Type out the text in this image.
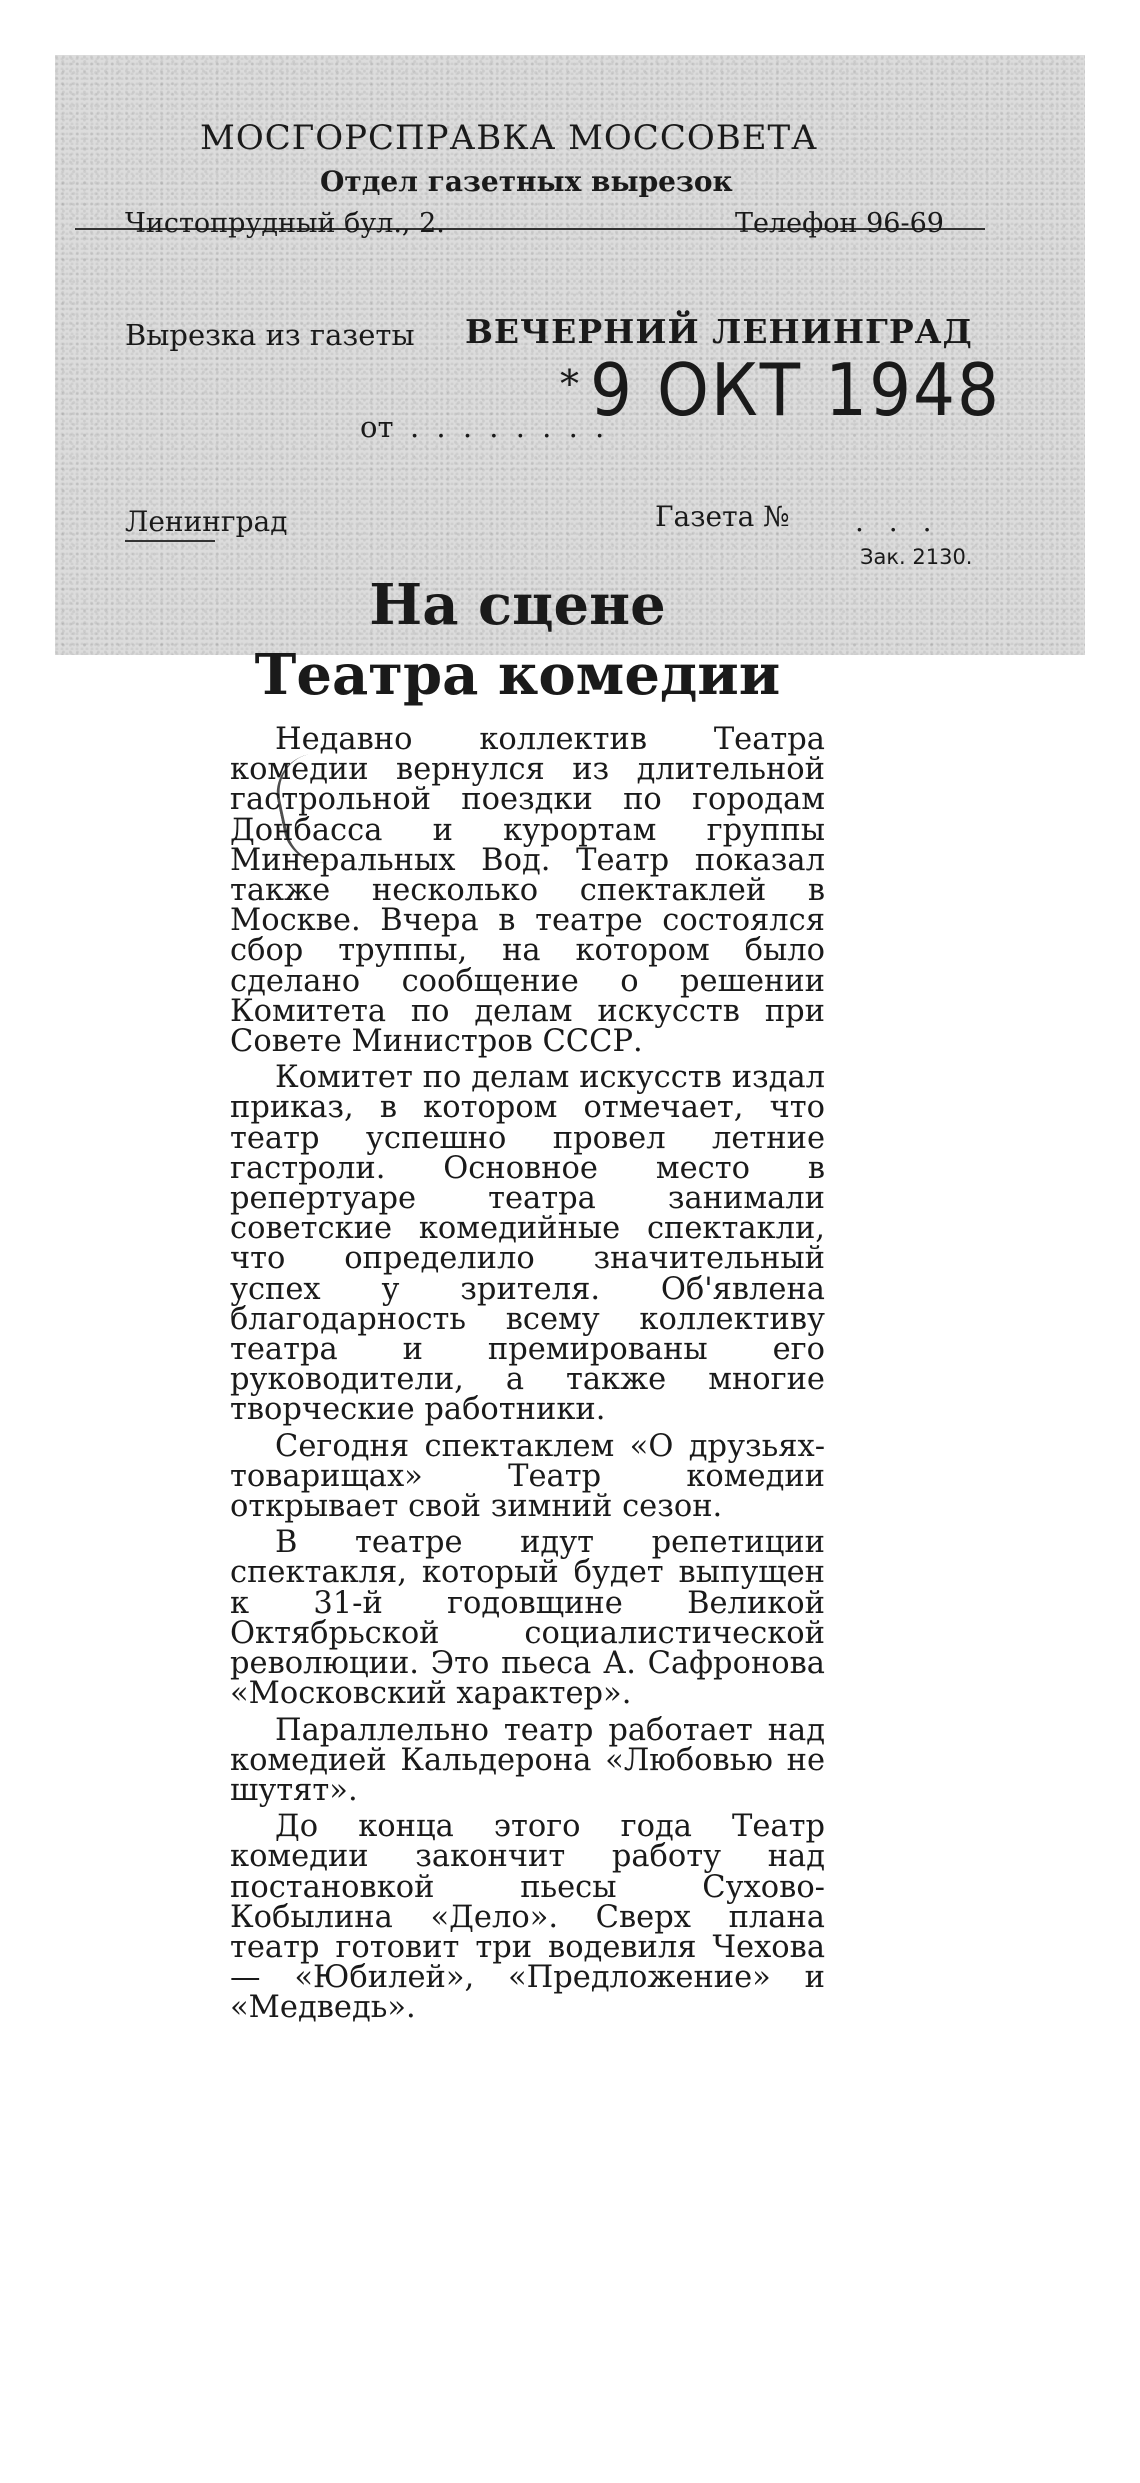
МОСГОРСПРАВКА МОССОВЕТА
Отдел газетных вырезок
Чистопрудный бул., 2.	Телефон 96-69
Вырезка из газеты ВЕЧЕРНИЙ ЛЕНИНГРАД
от . . . . . . . .
* 9 ОКТ 1948
Ленинград	Газета № . . .
Зак. 2130.
На сцене
Театра комедии

Недавно коллектив Театра комедии вернулся из длительной гастрольной поездки по городам Донбасса и курортам группы Минеральных Вод. Театр показал также несколько спектаклей в Москве. Вчера в театре состоялся сбор труппы, на котором было сделано сообщение о решении Комитета по делам искусств при Совете Министров СССР.

Комитет по делам искусств издал приказ, в котором отмечает, что театр успешно провел летние гастроли. Основное место в репертуаре театра занимали советские комедийные спектакли, что определило значительный успех у зрителя. Об'явлена благодарность всему коллективу театра и премированы его руководители, а также многие творческие работники.

Сегодня спектаклем «О друзьях-товарищах» Театр комедии открывает свой зимний сезон.

В театре идут репетиции спектакля, который будет выпущен к 31-й годовщине Великой Октябрьской социалистической революции. Это пьеса А. Сафронова «Московский характер».

Параллельно театр работает над комедией Кальдерона «Любовью не шутят».

До конца этого года Театр комедии закончит работу над постановкой пьесы Сухово-Кобылина «Дело». Сверх плана театр готовит три водевиля Чехова — «Юбилей», «Предложение» и «Медведь».
